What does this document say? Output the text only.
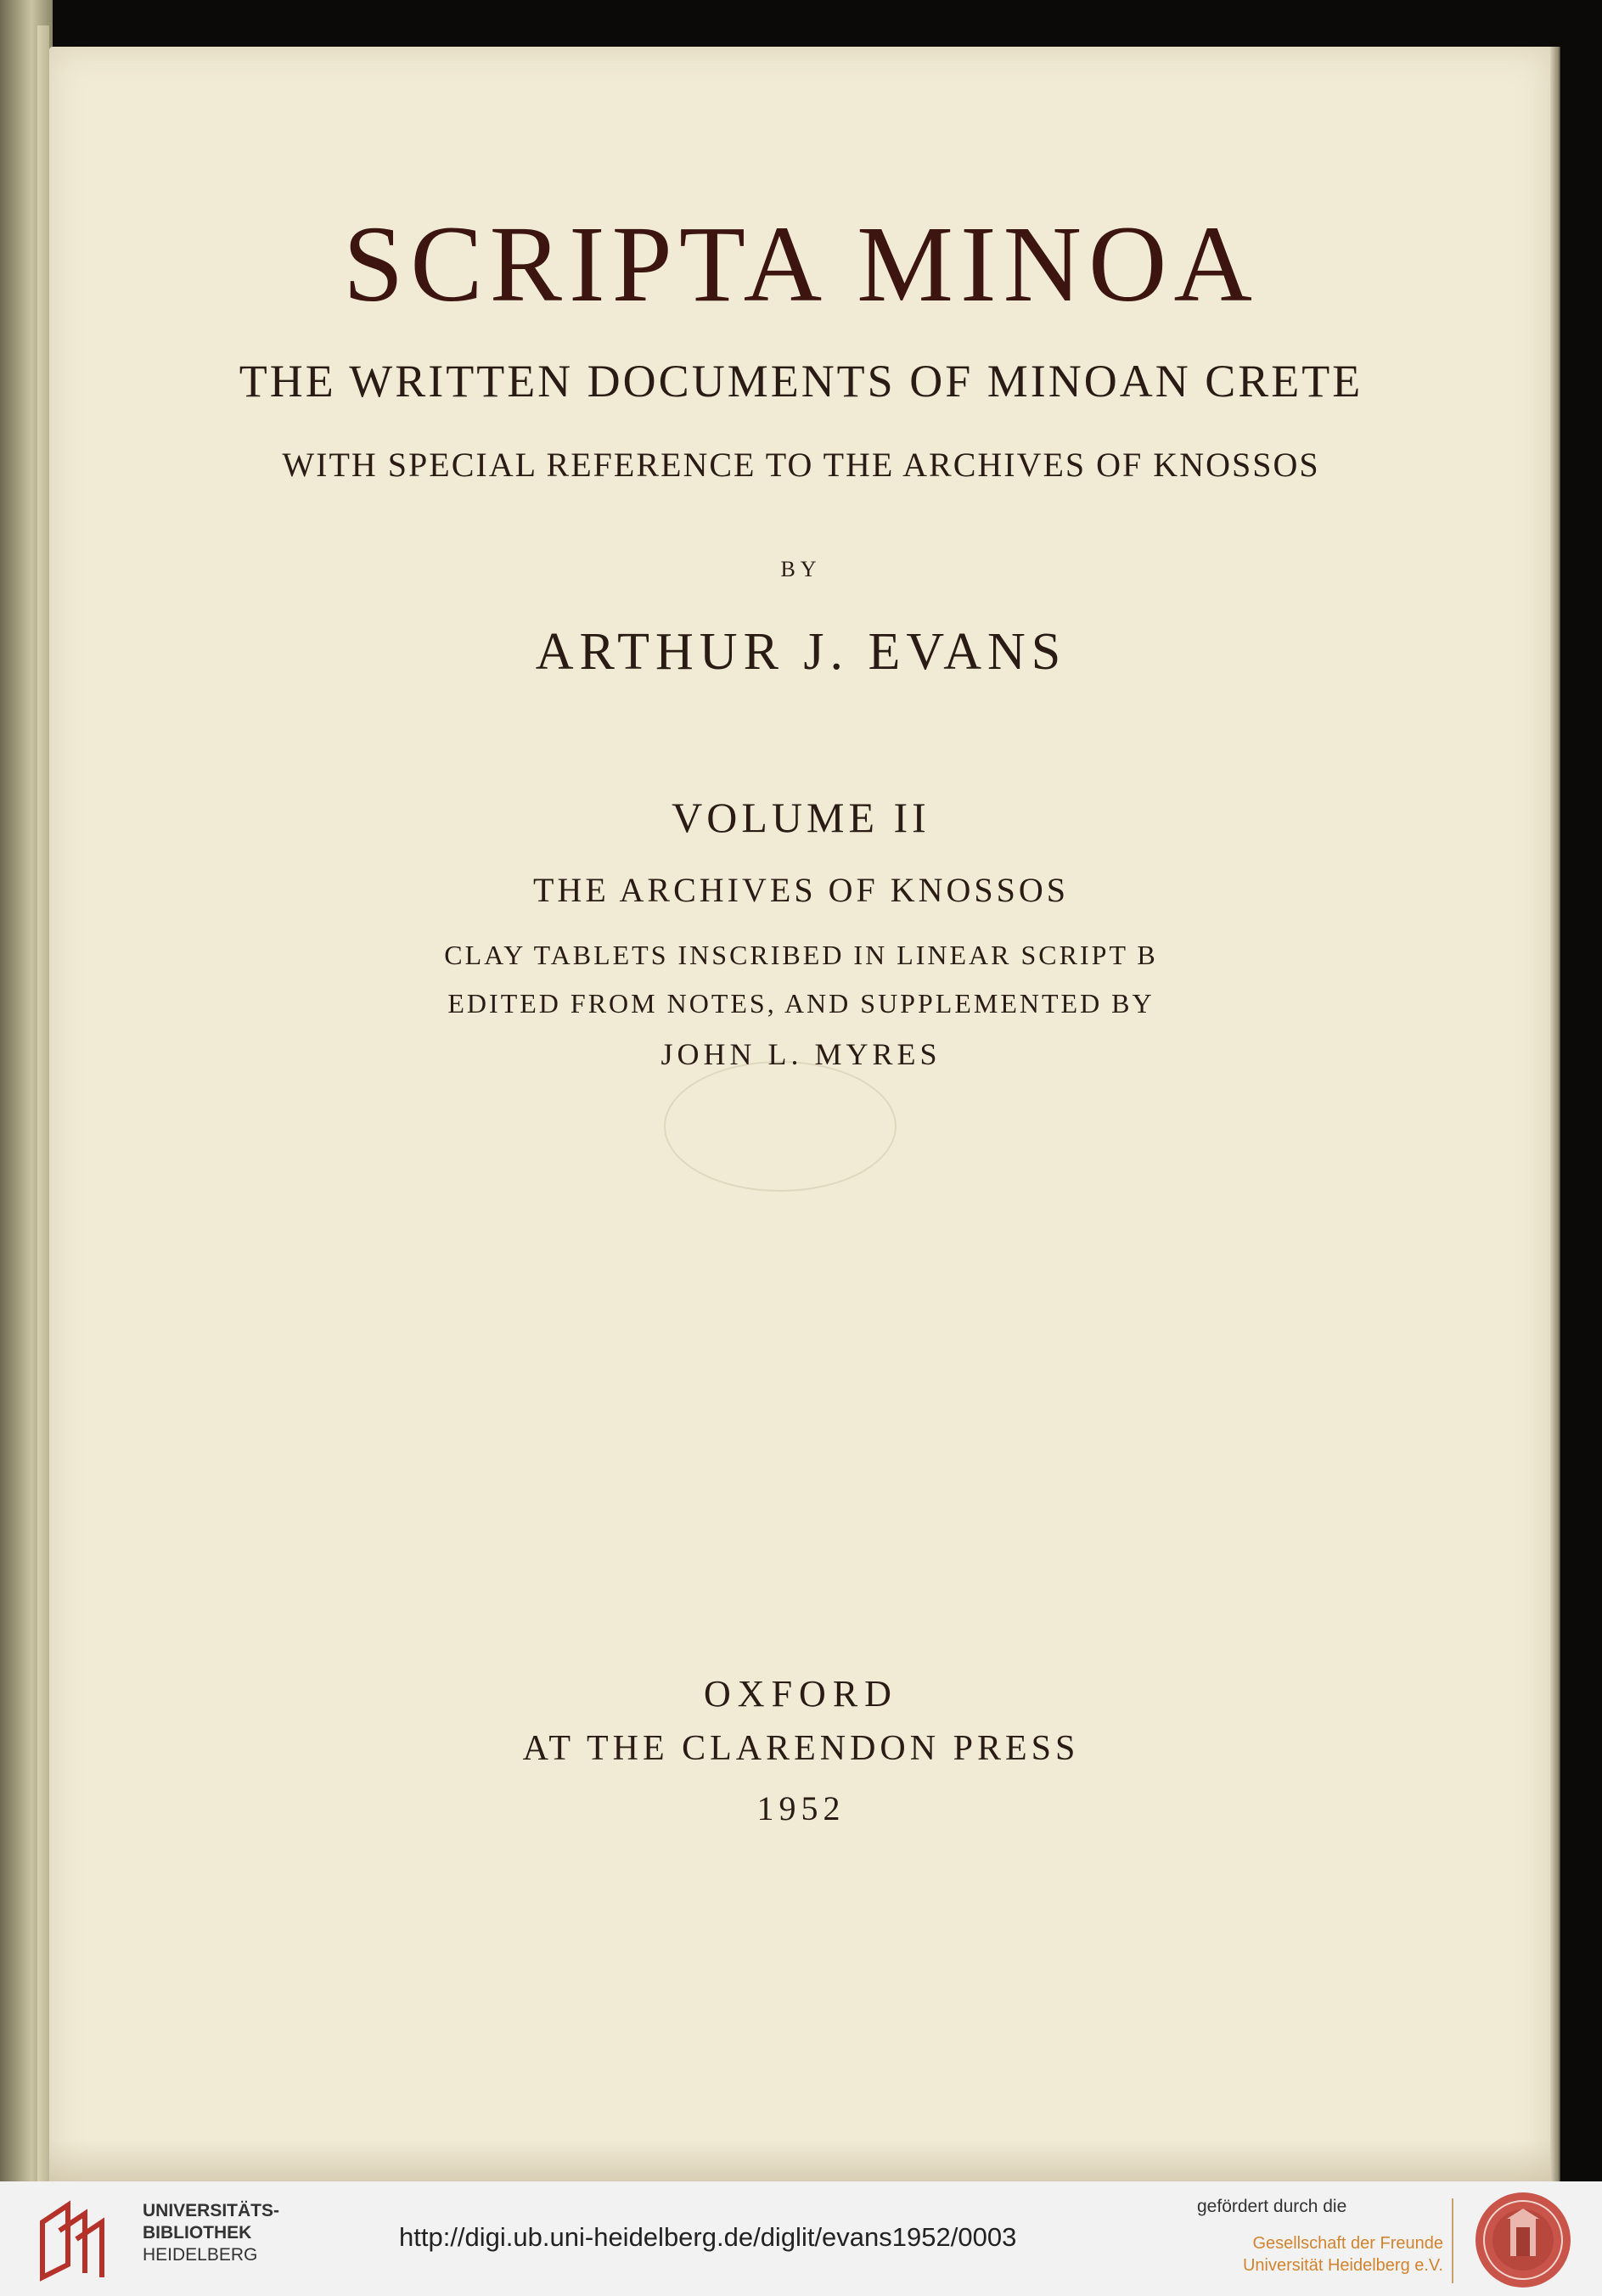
SCRIPTA MINOA
THE WRITTEN DOCUMENTS OF MINOAN CRETE
WITH SPECIAL REFERENCE TO THE ARCHIVES OF KNOSSOS
BY
ARTHUR J. EVANS
VOLUME II
THE ARCHIVES OF KNOSSOS
CLAY TABLETS INSCRIBED IN LINEAR SCRIPT B
EDITED FROM NOTES, AND SUPPLEMENTED BY
JOHN L. MYRES
OXFORD
AT THE CLARENDON PRESS
1952
UNIVERSITÄTS-
BIBLIOTHEK
HEIDELBERG
http://digi.ub.uni-heidelberg.de/diglit/evans1952/0003
gefördert durch die
Gesellschaft der Freunde
Universität Heidelberg e.V.
